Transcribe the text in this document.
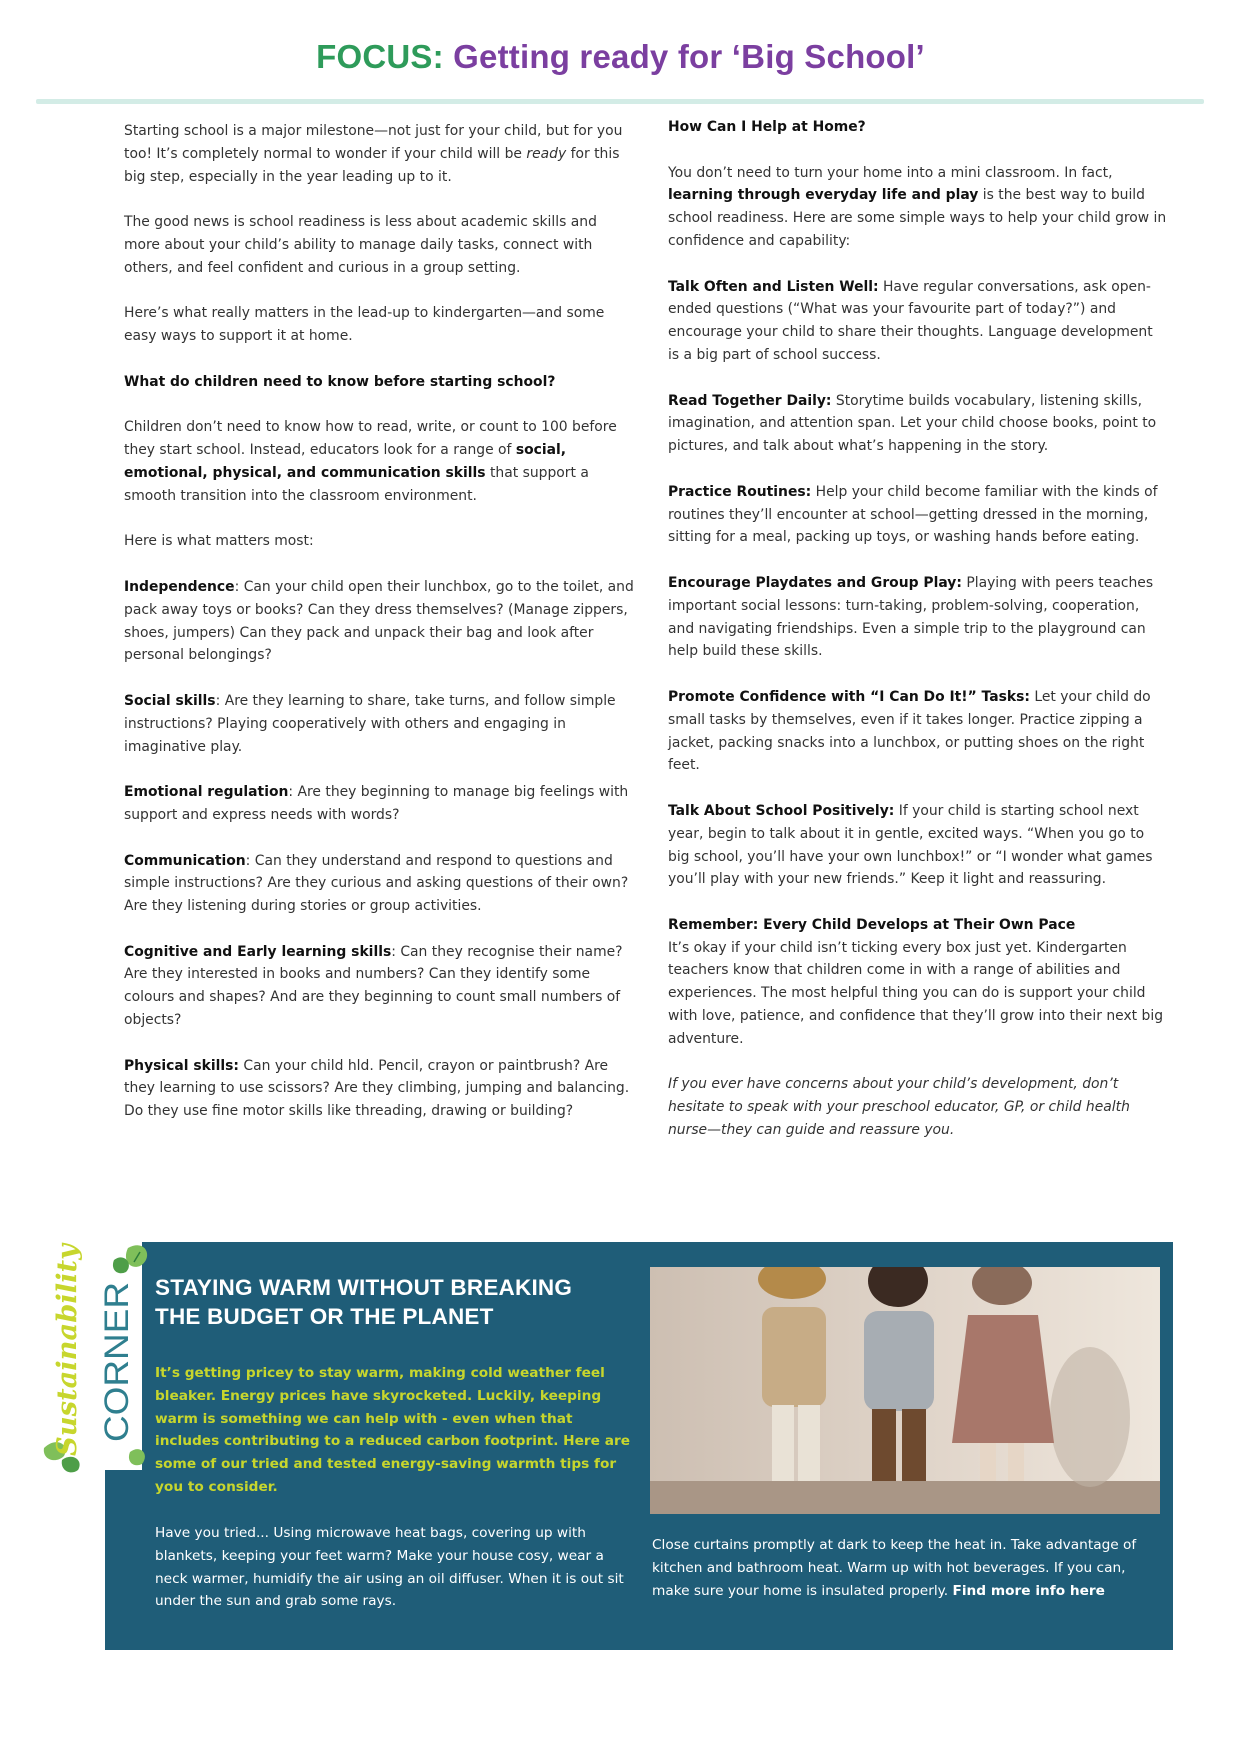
FOCUS: Getting ready for ‘Big School’

Starting school is a major milestone—not just for your child, but for you too! It’s completely normal to wonder if your child will be ready for this big step, especially in the year leading up to it.

The good news is school readiness is less about academic skills and more about your child’s ability to manage daily tasks, connect with others, and feel confident and curious in a group setting.

Here’s what really matters in the lead-up to kindergarten—and some easy ways to support it at home.

What do children need to know before starting school?

Children don’t need to know how to read, write, or count to 100 before they start school. Instead, educators look for a range of social, emotional, physical, and communication skills that support a smooth transition into the classroom environment.

Here is what matters most:

Independence: Can your child open their lunchbox, go to the toilet, and pack away toys or books? Can they dress themselves? (Manage zippers, shoes, jumpers) Can they pack and unpack their bag and look after personal belongings?

Social skills: Are they learning to share, take turns, and follow simple instructions? Playing cooperatively with others and engaging in imaginative play.

Emotional regulation: Are they beginning to manage big feelings with support and express needs with words?

Communication: Can they understand and respond to questions and simple instructions? Are they curious and asking questions of their own? Are they listening during stories or group activities.

Cognitive and Early learning skills: Can they recognise their name? Are they interested in books and numbers? Can they identify some colours and shapes? And are they beginning to count small numbers of objects?

Physical skills: Can your child hld. Pencil, crayon or paintbrush? Are they learning to use scissors? Are they climbing, jumping and balancing. Do they use fine motor skills like threading, drawing or building?

How Can I Help at Home?

You don’t need to turn your home into a mini classroom. In fact, learning through everyday life and play is the best way to build school readiness. Here are some simple ways to help your child grow in confidence and capability:

Talk Often and Listen Well: Have regular conversations, ask open-ended questions (“What was your favourite part of today?”) and encourage your child to share their thoughts. Language development is a big part of school success.

Read Together Daily: Storytime builds vocabulary, listening skills, imagination, and attention span. Let your child choose books, point to pictures, and talk about what’s happening in the story.

Practice Routines: Help your child become familiar with the kinds of routines they’ll encounter at school—getting dressed in the morning, sitting for a meal, packing up toys, or washing hands before eating.

Encourage Playdates and Group Play: Playing with peers teaches important social lessons: turn-taking, problem-solving, cooperation, and navigating friendships. Even a simple trip to the playground can help build these skills.

Promote Confidence with “I Can Do It!” Tasks: Let your child do small tasks by themselves, even if it takes longer. Practice zipping a jacket, packing snacks into a lunchbox, or putting shoes on the right feet.

Talk About School Positively: If your child is starting school next year, begin to talk about it in gentle, excited ways. “When you go to big school, you’ll have your own lunchbox!” or “I wonder what games you’ll play with your new friends.” Keep it light and reassuring.

Remember: Every Child Develops at Their Own Pace

It’s okay if your child isn’t ticking every box just yet. Kindergarten teachers know that children come in with a range of abilities and experiences. The most helpful thing you can do is support your child with love, patience, and confidence that they’ll grow into their next big adventure.

If you ever have concerns about your child’s development, don’t hesitate to speak with your preschool educator, GP, or child health nurse—they can guide and reassure you.

Sustainability CORNER
STAYING WARM WITHOUT BREAKING
THE BUDGET OR THE PLANET
It’s getting pricey to stay warm, making cold weather feel bleaker. Energy prices have skyrocketed. Luckily, keeping warm is something we can help with - even when that includes contributing to a reduced carbon footprint. Here are some of our tried and tested energy-saving warmth tips for you to consider.
Have you tried... Using microwave heat bags, covering up with blankets, keeping your feet warm? Make your house cosy, wear a neck warmer, humidify the air using an oil diffuser. When it is out sit under the sun and grab some rays.
Close curtains promptly at dark to keep the heat in. Take advantage of kitchen and bathroom heat. Warm up with hot beverages. If you can, make sure your home is insulated properly. Find more info here
